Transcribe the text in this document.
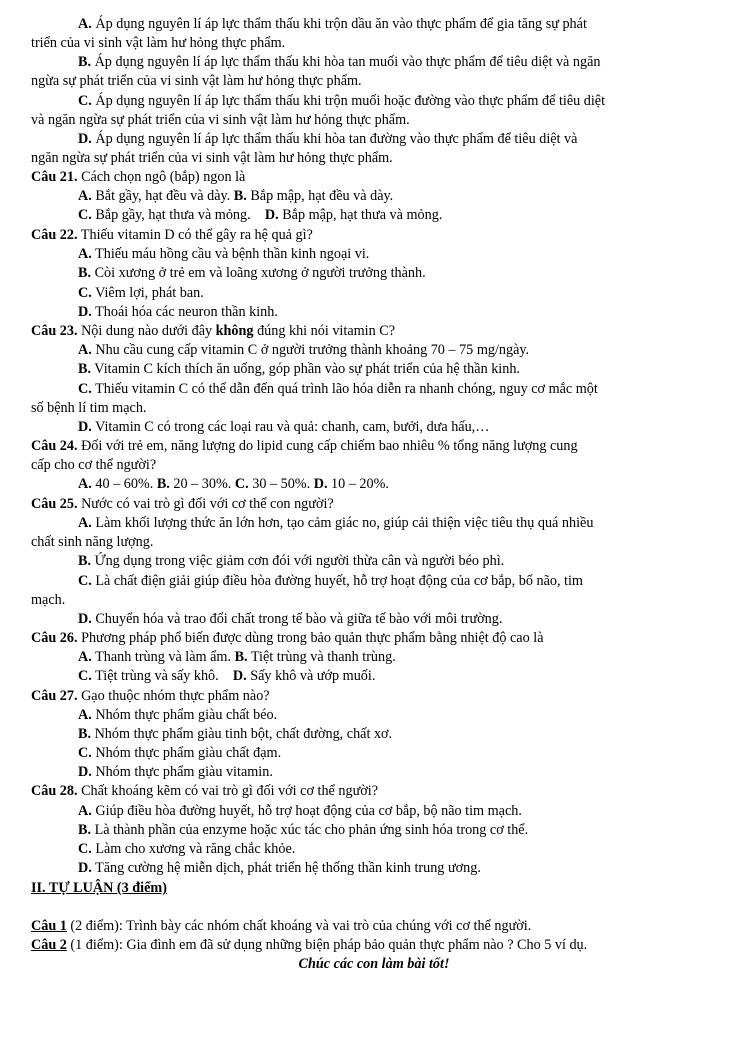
A. Áp dụng nguyên lí áp lực thẩm thấu khi trộn dầu ăn vào thực phẩm để gia tăng sự phát
triển của vi sinh vật làm hư hỏng thực phẩm.
B. Áp dụng nguyên lí áp lực thẩm thấu khi hòa tan muối vào thực phẩm để tiêu diệt và ngăn
ngừa sự phát triển của vi sinh vật làm hư hỏng thực phẩm.
C. Áp dụng nguyên lí áp lực thẩm thấu khi trộn muối hoặc đường vào thực phẩm để tiêu diệt
và ngăn ngừa sự phát triển của vi sinh vật làm hư hỏng thực phẩm.
D. Áp dụng nguyên lí áp lực thẩm thấu khi hòa tan đường vào thực phẩm để tiêu diệt và
ngăn ngừa sự phát triển của vi sinh vật làm hư hỏng thực phẩm.
Câu 21. Cách chọn ngô (bắp) ngon là
A. Bắt gầy, hạt đều và dày. B. Bắp mập, hạt đều và dày.
C. Bắp gầy, hạt thưa và mỏng.    D. Bắp mập, hạt thưa và mỏng.
Câu 22. Thiếu vitamin D có thể gây ra hệ quả gì?
A. Thiếu máu hồng cầu và bệnh thần kinh ngoại vi.
B. Còi xương ở trẻ em và loãng xương ở người trưởng thành.
C. Viêm lợi, phát ban.
D. Thoái hóa các neuron thần kinh.
Câu 23. Nội dung nào dưới đây không đúng khi nói vitamin C?
A. Nhu cầu cung cấp vitamin C ở người trưởng thành khoảng 70 – 75 mg/ngày.
B. Vitamin C kích thích ăn uống, góp phần vào sự phát triển của hệ thần kinh.
C. Thiếu vitamin C có thể dẫn đến quá trình lão hóa diễn ra nhanh chóng, nguy cơ mắc một
số bệnh lí tim mạch.
D. Vitamin C có trong các loại rau và quả: chanh, cam, bưởi, dưa hấu,…
Câu 24. Đối với trẻ em, năng lượng do lipid cung cấp chiếm bao nhiêu % tổng năng lượng cung
cấp cho cơ thể người?
A. 40 – 60%. B. 20 – 30%. C. 30 – 50%. D. 10 – 20%.
Câu 25. Nước có vai trò gì đối với cơ thể con người?
A. Làm khối lượng thức ăn lớn hơn, tạo cảm giác no, giúp cải thiện việc tiêu thụ quá nhiều
chất sinh năng lượng.
B. Ứng dụng trong việc giảm cơn đói với người thừa cân và người béo phì.
C. Là chất điện giải giúp điều hòa đường huyết, hỗ trợ hoạt động của cơ bắp, bổ não, tim
mạch.
D. Chuyển hóa và trao đổi chất trong tế bào và giữa tế bào với môi trường.
Câu 26. Phương pháp phổ biến được dùng trong bảo quản thực phẩm bằng nhiệt độ cao là
A. Thanh trùng và làm ẩm. B. Tiệt trùng và thanh trùng.
C. Tiệt trùng và sấy khô.    D. Sấy khô và ướp muối.
Câu 27. Gạo thuộc nhóm thực phẩm nào?
A. Nhóm thực phẩm giàu chất béo.
B. Nhóm thực phẩm giàu tinh bột, chất đường, chất xơ.
C. Nhóm thực phẩm giàu chất đạm.
D. Nhóm thực phẩm giàu vitamin.
Câu 28. Chất khoáng kẽm có vai trò gì đối với cơ thể người?
A. Giúp điều hòa đường huyết, hỗ trợ hoạt động của cơ bắp, bộ não tim mạch.
B. Là thành phần của enzyme hoặc xúc tác cho phản ứng sinh hóa trong cơ thể.
C. Làm cho xương và răng chắc khỏe.
D. Tăng cường hệ miễn dịch, phát triển hệ thống thần kinh trung ương.
II. TỰ LUẬN (3 điểm)
Câu 1 (2 điểm): Trình bày các nhóm chất khoáng và vai trò của chúng với cơ thể người.
Câu 2 (1 điểm): Gia đình em đã sử dụng những biện pháp bảo quản thực phẩm nào ? Cho 5 ví dụ.
Chúc các con làm bài tốt!
